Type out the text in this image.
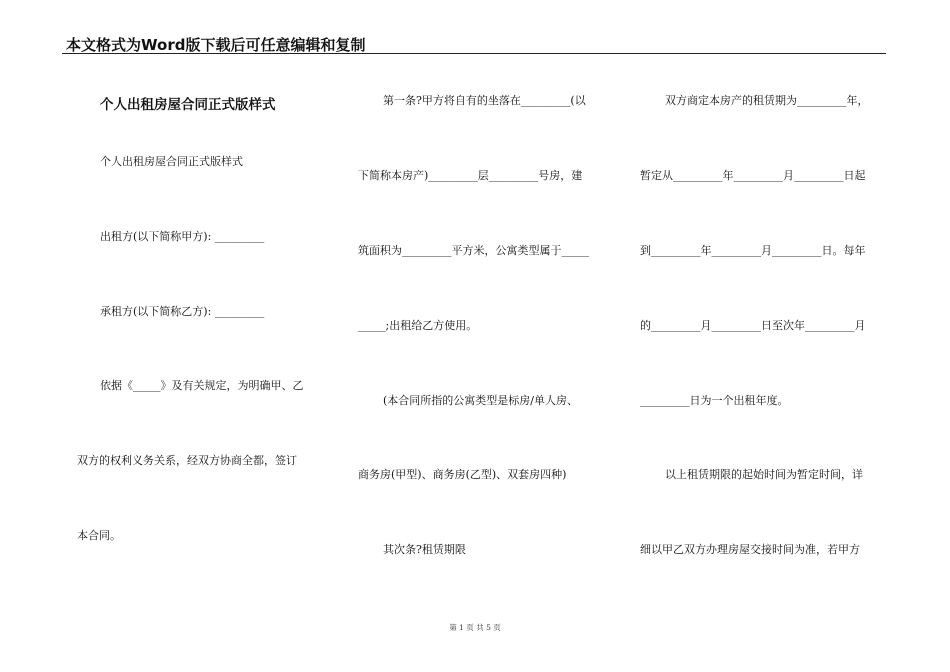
本文格式为Word版下载后可任意编辑和复制
个人出租房屋合同正式版样式
个人出租房屋合同正式版样式
出租方(以下简称甲方): _________
承租方(以下简称乙方): _________
依据《_____》及有关规定，为明确甲、乙
双方的权利义务关系，经双方协商全都，签订
本合同。
第一条?甲方将自有的坐落在_________(以
下简称本房产)_________层_________号房，建
筑面积为_________平方米，公寓类型属于_____
_____;出租给乙方使用。
(本合同所指的公寓类型是标房/单人房、
商务房(甲型)、商务房(乙型)、双套房四种)
其次条?租赁期限
双方商定本房产的租赁期为_________年，
暂定从_________年_________月_________日起
到_________年_________月_________日。每年
的_________月_________日至次年_________月
_________日为一个出租年度。
以上租赁期限的起始时间为暂定时间，详
细以甲乙双方办理房屋交接时间为准，若甲方
第 1 页 共 5 页
